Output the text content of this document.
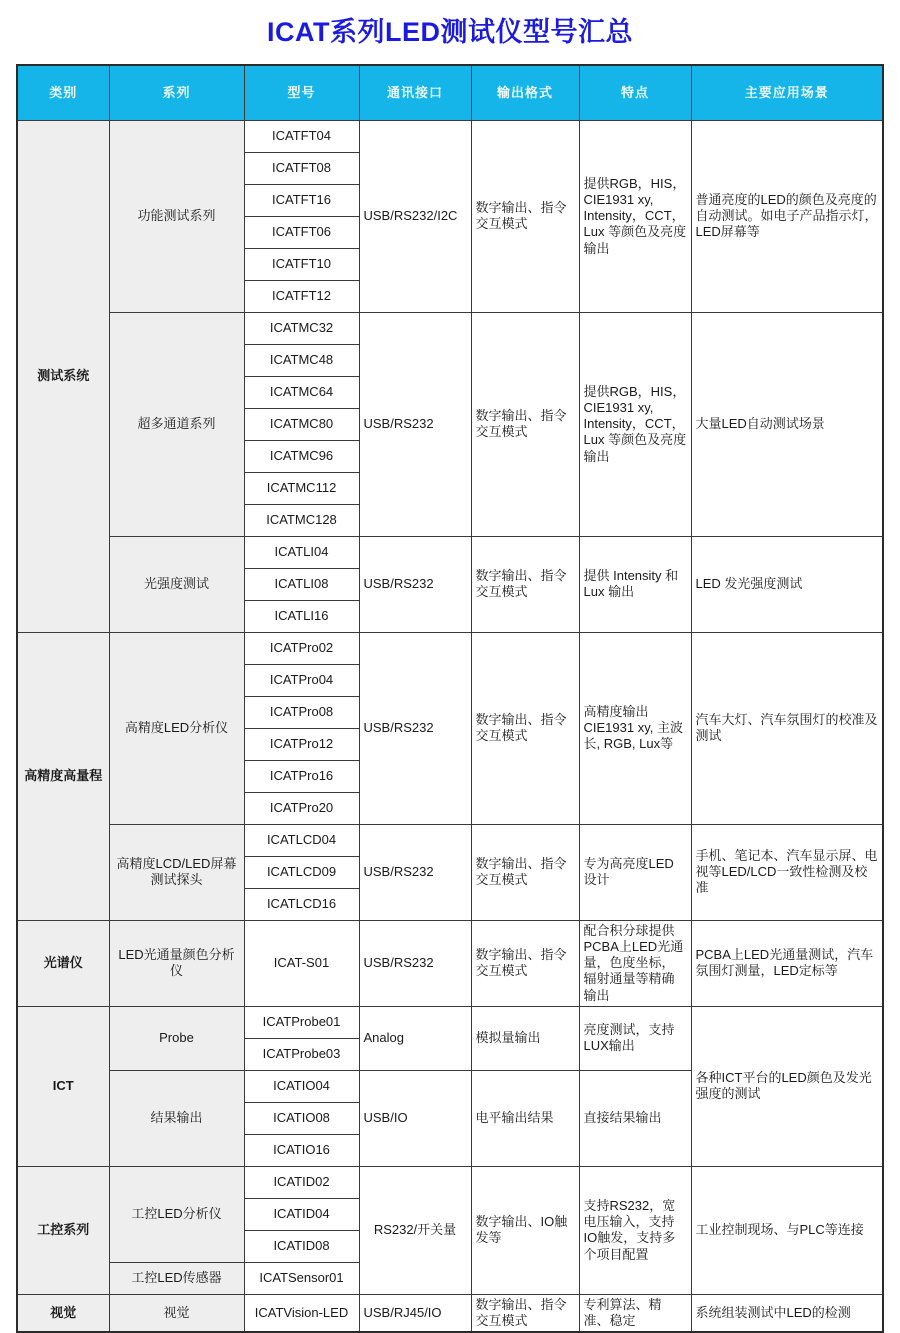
ICAT系列LED测试仪型号汇总
类别	系列	型号	通讯接口	输出格式	特点	主要应用场景
测试系统	功能测试系列	ICATFT04	USB/RS232/I2C	数字输出、指令交互模式	提供RGB，HIS，CIE1931 xy, Intensity，CCT，Lux 等颜色及亮度输出	普通亮度的LED的颜色及亮度的自动测试。如电子产品指示灯，LED屏幕等
		ICATFT08				
		ICATFT16				
		ICATFT06				
		ICATFT10				
		ICATFT12				
	超多通道系列	ICATMC32	USB/RS232	数字输出、指令交互模式	提供RGB，HIS，CIE1931 xy, Intensity，CCT，Lux 等颜色及亮度输出	大量LED自动测试场景
		ICATMC48				
		ICATMC64				
		ICATMC80				
		ICATMC96				
		ICATMC112				
		ICATMC128				
	光强度测试	ICATLI04	USB/RS232	数字输出、指令交互模式	提供 Intensity 和 Lux 输出	LED 发光强度测试
		ICATLI08				
		ICATLI16				
高精度高量程	高精度LED分析仪	ICATPro02	USB/RS232	数字输出、指令交互模式	高精度输出 CIE1931 xy, 主波长, RGB, Lux等	汽车大灯、汽车氛围灯的校准及测试
		ICATPro04				
		ICATPro08				
		ICATPro12				
		ICATPro16				
		ICATPro20				
	高精度LCD/LED屏幕测试探头	ICATLCD04	USB/RS232	数字输出、指令交互模式	专为高亮度LED设计	手机、笔记本、汽车显示屏、电视等LED/LCD一致性检测及校准
		ICATLCD09				
		ICATLCD16				
光谱仪	LED光通量颜色分析仪	ICAT-S01	USB/RS232	数字输出、指令交互模式	配合积分球提供PCBA上LED光通量，色度坐标，辐射通量等精确输出	PCBA上LED光通量测试，汽车氛围灯测量，LED定标等
ICT	Probe	ICATProbe01	Analog	模拟量输出	亮度测试，支持LUX输出	各种ICT平台的LED颜色及发光强度的测试
		ICATProbe03				
	结果输出	ICATIO04	USB/IO	电平输出结果	直接结果输出	
		ICATIO08				
		ICATIO16				
工控系列	工控LED分析仪	ICATID02	RS232/开关量	数字输出、IO触发等	支持RS232，宽电压输入，支持IO触发，支持多个项目配置	工业控制现场、与PLC等连接
		ICATID04				
		ICATID08				
	工控LED传感器	ICATSensor01				
视觉	视觉	ICATVision-LED	USB/RJ45/IO	数字输出、指令交互模式	专利算法、精准、稳定	系统组装测试中LED的检测
